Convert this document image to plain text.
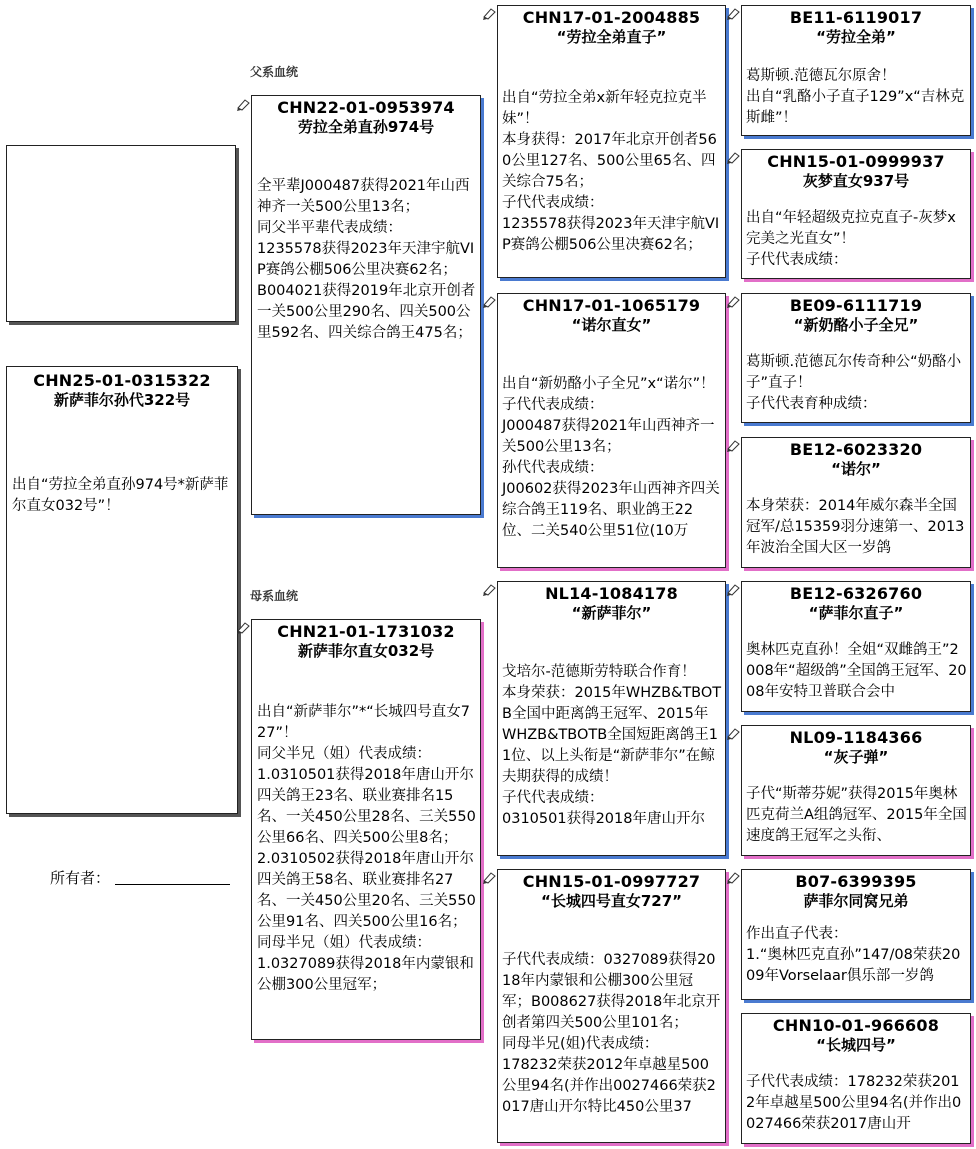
CHN25-01-0315322
新萨菲尔孙代322号

出自“劳拉全弟直孙974号*新萨菲尔直女032号”！

所有者：
父系血统
母系血统
CHN22-01-0953974
劳拉全弟直孙974号

全平辈J000487获得2021年山西神齐一关500公里13名；
同父半平辈代表成绩：
1235578获得2023年天津宇航VIP赛鸽公棚506公里决赛62名；
B004021获得2019年北京开创者一关500公里290名、四关500公里592名、四关综合鸽王475名；

CHN21-01-1731032
新萨菲尔直女032号

出自“新萨菲尔”*“长城四号直女727”！
同父半兄（姐）代表成绩：
1.0310501获得2018年唐山开尔四关鸽王23名、联业赛排名15名、一关450公里28名、三关550公里66名、四关500公里8名；
2.0310502获得2018年唐山开尔四关鸽王58名、联业赛排名27名、一关450公里20名、三关550公里91名、四关500公里16名；
同母半兄（姐）代表成绩：
1.0327089获得2018年内蒙银和公棚300公里冠军；

CHN17-01-2004885
“劳拉全弟直子”

出自“劳拉全弟x新年轻克拉克半妹”！
本身获得：2017年北京开创者560公里127名、500公里65名、四关综合75名；
子代代表成绩：
1235578获得2023年天津宇航VIP赛鸽公棚506公里决赛62名；

CHN17-01-1065179
“诺尔直女”

出自“新奶酪小子全兄”x“诺尔”！
子代代表成绩：
J000487获得2021年山西神齐一关500公里13名；
孙代代表成绩：
J00602获得2023年山西神齐四关综合鸽王119名、职业鸽王22位、二关540公里51位(10万

NL14-1084178
“新萨菲尔”

戈培尔-范德斯劳特联合作育！
本身荣获：2015年WHZB&TBOTB全国中距离鸽王冠军、2015年WHZB&TBOTB全国短距离鸽王11位、以上头衔是“新萨菲尔”在鲸夫期获得的成绩！
子代代表成绩：
0310501获得2018年唐山开尔

CHN15-01-0997727
“长城四号直女727”

子代代表成绩：0327089获得2018年内蒙银和公棚300公里冠军；B008627获得2018年北京开创者第四关500公里101名；
同母半兄(姐)代表成绩：
178232荣获2012年卓越星500公里94名(并作出0027466荣获2017唐山开尔特比450公里37

BE11-6119017
“劳拉全弟”

葛斯顿.范德瓦尔原舍！
出自“乳酪小子直子129”x“吉林克斯雌”！

CHN15-01-0999937
灰梦直女937号

出自“年轻超级克拉克直子-灰梦x完美之光直女”！
子代代表成绩：

BE09-6111719
“新奶酪小子全兄”

葛斯顿.范德瓦尔传奇种公“奶酪小子”直子！
子代代表育种成绩：

BE12-6023320
“诺尔”

本身荣获：2014年威尔森半全国冠军/总15359羽分速第一、2013年波治全国大区一岁鸽

BE12-6326760
“萨菲尔直子”

奥林匹克直孙！全姐“双雌鸽王”2008年“超级鸽”全国鸽王冠军、2008年安特卫普联合会中

NL09-1184366
“灰子弹”

子代“斯蒂芬妮”获得2015年奥林匹克荷兰A组鸽冠军、2015年全国速度鸽王冠军之头衔、

B07-6399395
萨菲尔同窝兄弟

作出直子代表：
1.“奥林匹克直孙”147/08荣获2009年Vorselaar俱乐部一岁鸽

CHN10-01-966608
“长城四号”

子代代表成绩：178232荣获2012年卓越星500公里94名(并作出0027466荣获2017唐山开
